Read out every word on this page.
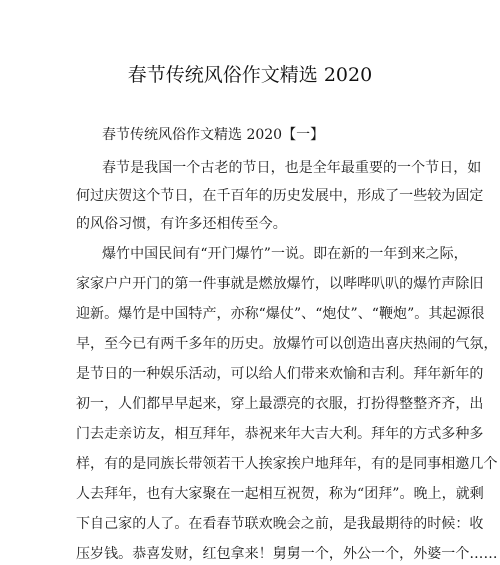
春节传统风俗作文精选 2020
春节传统风俗作文精选 2020【一】
春节是我国一个古老的节日，也是全年最重要的一个节日，如
何过庆贺这个节日，在千百年的历史发展中，形成了一些较为固定
的风俗习惯，有许多还相传至今。
爆竹中国民间有“开门爆竹”一说。即在新的一年到来之际，
家家户户开门的第一件事就是燃放爆竹，以哔哔叭叭的爆竹声除旧
迎新。爆竹是中国特产，亦称“爆仗”、“炮仗”、“鞭炮”。其起源很
早，至今已有两千多年的历史。放爆竹可以创造出喜庆热闹的气氛，
是节日的一种娱乐活动，可以给人们带来欢愉和吉利。拜年新年的
初一，人们都早早起来，穿上最漂亮的衣服，打扮得整整齐齐，出
门去走亲访友，相互拜年，恭祝来年大吉大利。拜年的方式多种多
样，有的是同族长带领若干人挨家挨户地拜年，有的是同事相邀几个
人去拜年，也有大家聚在一起相互祝贺，称为“团拜”。晚上，就剩
下自己家的人了。在看春节联欢晚会之前，是我最期待的时候：收
压岁钱。恭喜发财，红包拿来！舅舅一个，外公一个，外婆一个……
